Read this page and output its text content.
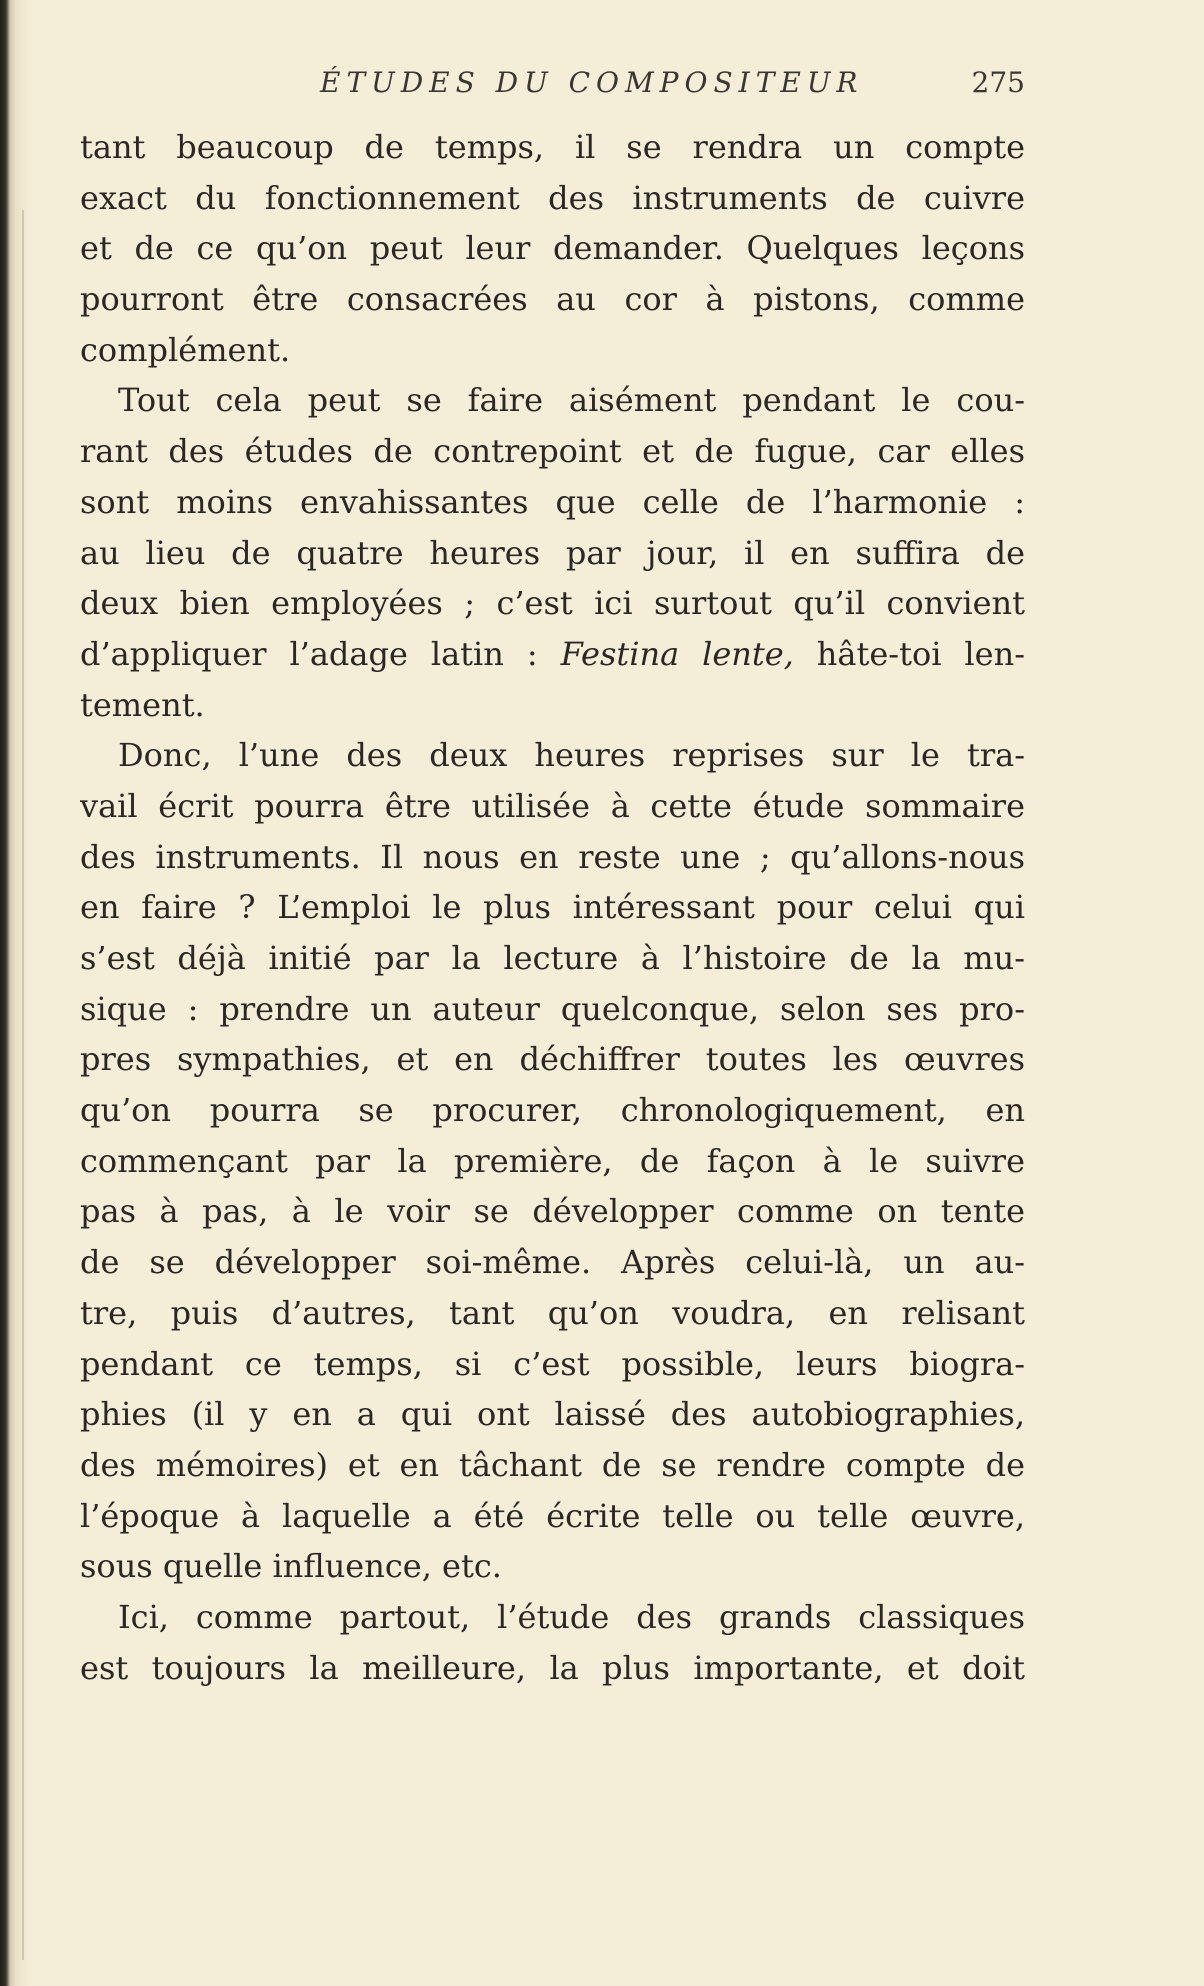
ÉTUDES DU COMPOSITEUR	275
tant beaucoup de temps, il se rendra un compte
exact du fonctionnement des instruments de cuivre
et de ce qu’on peut leur demander. Quelques leçons
pourront être consacrées au cor à pistons, comme
complément.
Tout cela peut se faire aisément pendant le cou-
rant des études de contrepoint et de fugue, car elles
sont moins envahissantes que celle de l’harmonie :
au lieu de quatre heures par jour, il en suffira de
deux bien employées ; c’est ici surtout qu’il convient
d’appliquer l’adage latin : Festina lente, hâte-toi len-
tement.
Donc, l’une des deux heures reprises sur le tra-
vail écrit pourra être utilisée à cette étude sommaire
des instruments. Il nous en reste une ; qu’allons-nous
en faire ? L’emploi le plus intéressant pour celui qui
s’est déjà initié par la lecture à l’histoire de la mu-
sique : prendre un auteur quelconque, selon ses pro-
pres sympathies, et en déchiffrer toutes les œuvres
qu’on pourra se procurer, chronologiquement, en
commençant par la première, de façon à le suivre
pas à pas, à le voir se développer comme on tente
de se développer soi-même. Après celui-là, un au-
tre, puis d’autres, tant qu’on voudra, en relisant
pendant ce temps, si c’est possible, leurs biogra-
phies (il y en a qui ont laissé des autobiographies,
des mémoires) et en tâchant de se rendre compte de
l’époque à laquelle a été écrite telle ou telle œuvre,
sous quelle influence, etc.
Ici, comme partout, l’étude des grands classiques
est toujours la meilleure, la plus importante, et doit
